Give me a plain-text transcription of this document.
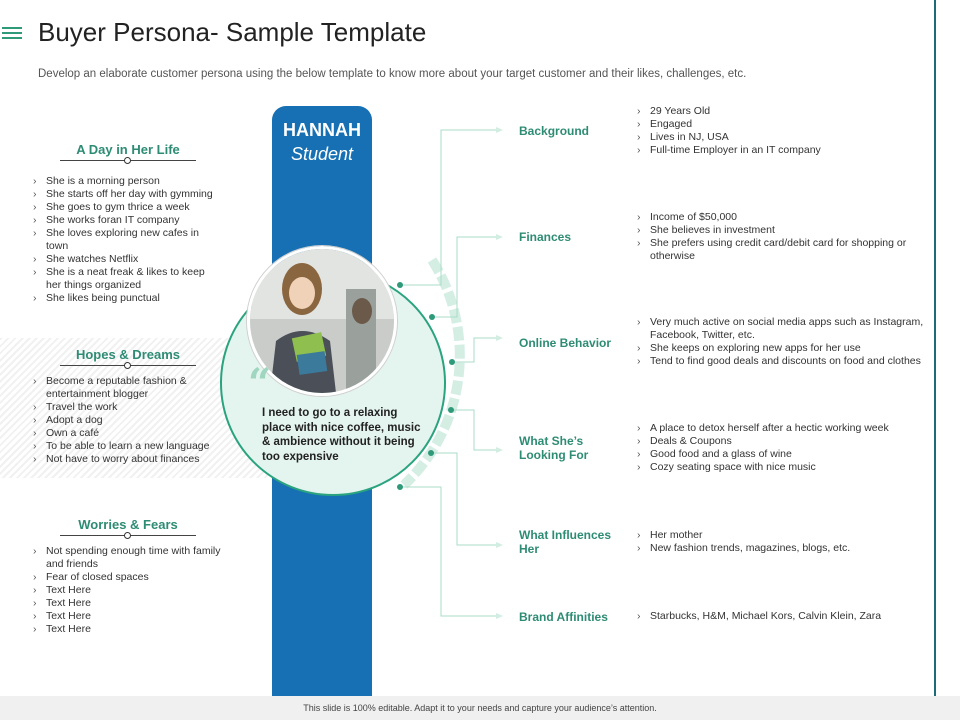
Buyer Persona- Sample Template
Develop an elaborate customer persona using the below template to know more about your target customer and their likes, challenges, etc.
A Day in Her Life
› She is a morning person
› She starts off her day with gymming
› She goes to gym thrice a week
› She works foran IT company
› She loves exploring new cafes in town
› She watches Netflix
› She is a neat freak & likes to keep her things organized
› She likes being punctual
Hopes & Dreams
› Become a reputable fashion & entertainment blogger
› Travel the work
› Adopt a dog
› Own a café
› To be able to learn a new language
› Not have to worry about finances
Worries & Fears
› Not spending enough time with family and friends
› Fear of closed spaces
› Text Here
› Text Here
› Text Here
› Text Here
HANNAH
Student
“
I need to go to a relaxing place with nice coffee, music & ambience without it being too expensive
Background
› 29 Years Old
› Engaged
› Lives in NJ, USA
› Full-time Employer in an IT company
Finances
› Income of $50,000
› She believes in investment
› She prefers using credit card/debit card for shopping or otherwise
Online Behavior
› Very much active on social media apps such as Instagram, Facebook, Twitter, etc.
› She keeps on exploring new apps for her use
› Tend to find good deals and discounts on food and clothes
What She’s Looking For
› A place to detox herself after a hectic working week
› Deals & Coupons
› Good food and a glass of wine
› Cozy seating space with nice music
What Influences Her
› Her mother
› New fashion trends, magazines, blogs, etc.
Brand Affinities
›	Starbucks, H&M, Michael Kors, Calvin Klein, Zara
This slide is 100% editable. Adapt it to your needs and capture your audience’s attention.
